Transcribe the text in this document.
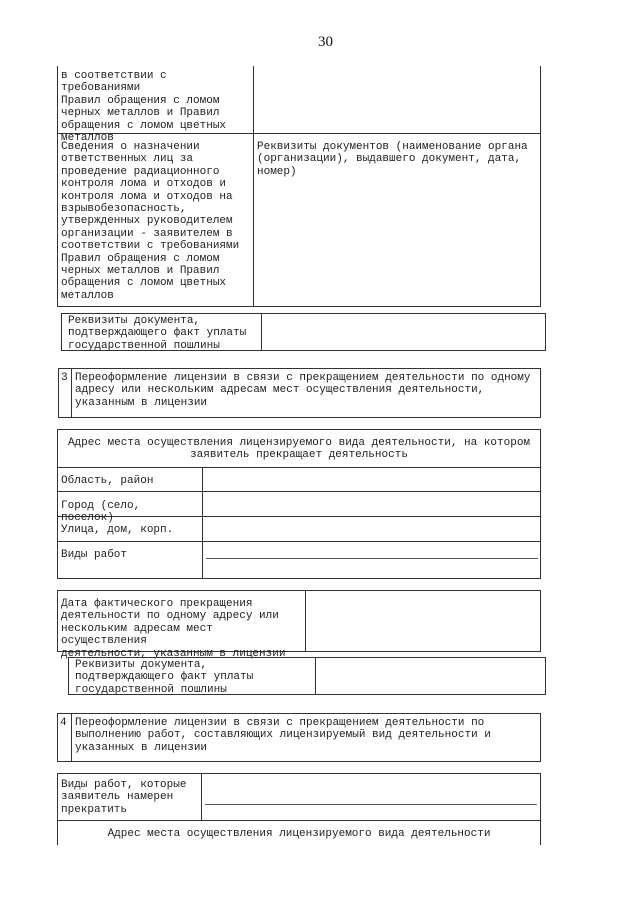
30
в соответствии с требованиями
Правил обращения с ломом
черных металлов и Правил
обращения с ломом цветных
металлов
Сведения о назначении
ответственных лиц за
проведение радиационного
контроля лома и отходов и
контроля лома и отходов на
взрывобезопасность,
утвержденных руководителем
организации - заявителем в
соответствии с требованиями
Правил обращения с ломом
черных металлов и Правил
обращения с ломом цветных
металлов
Реквизиты документов (наименование органа
(организации), выдавшего документ, дата,
номер)
Реквизиты документа,
подтверждающего факт уплаты
государственной пошлины
3 Переоформление лицензии в связи с прекращением деятельности по одному
адресу или нескольким адресам мест осуществления деятельности,
указанным в лицензии
Адрес места осуществления лицензируемого вида деятельности, на котором
заявитель прекращает деятельность
Область, район
Город (село, поселок)
Улица, дом, корп.
Виды работ
Дата фактического прекращения
деятельности по одному адресу или
нескольким адресам мест осуществления
деятельности, указанным в лицензии
Реквизиты документа,
подтверждающего факт уплаты
государственной пошлины
4 Переоформление лицензии в связи с прекращением деятельности по
выполнению работ, составляющих лицензируемый вид деятельности и
указанных в лицензии
Виды работ, которые
заявитель намерен
прекратить
Адрес места осуществления лицензируемого вида деятельности
